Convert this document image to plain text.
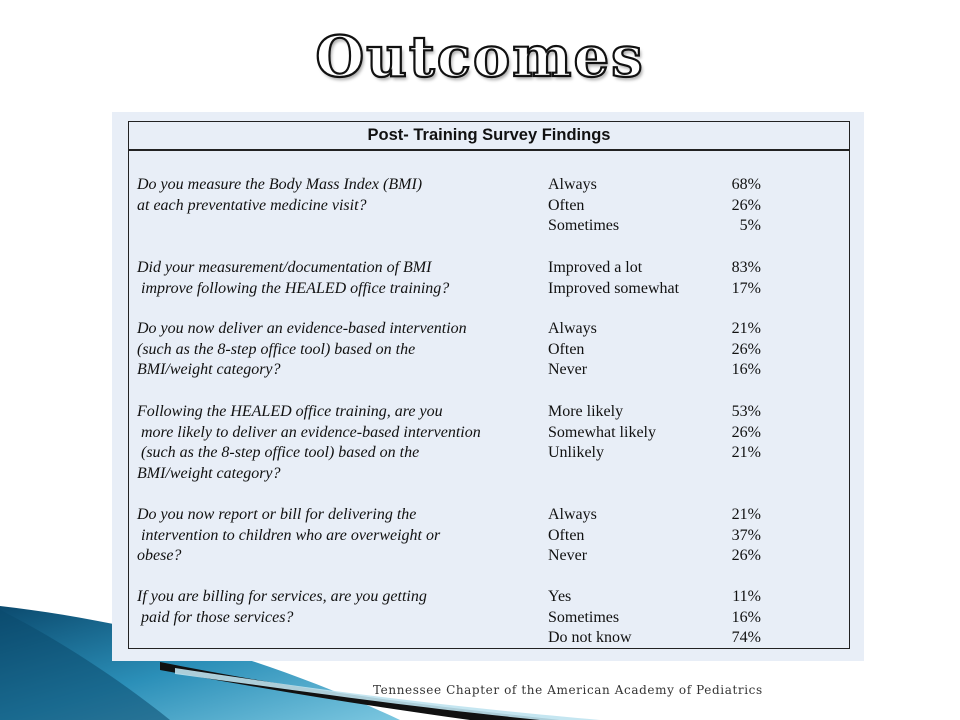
Outcomes
Post- Training Survey Findings
Do you measure the Body Mass Index (BMI)
at each preventative medicine visit?
Always
Often
Sometimes
68%
26%
5%
Did your measurement/documentation of BMI
improve following the HEALED office training?
Improved a lot
Improved somewhat
83%
17%
Do you now deliver an evidence-based intervention
(such as the 8-step office tool) based on the
BMI/weight category?
Always
Often
Never
21%
26%
16%
Following the HEALED office training, are you
more likely to deliver an evidence-based intervention
(such as the 8-step office tool) based on the
BMI/weight category?
More likely
Somewhat likely
Unlikely
53%
26%
21%
Do you now report or bill for delivering the
intervention to children who are overweight or
obese?
Always
Often
Never
21%
37%
26%
If you are billing for services, are you getting
paid for those services?
Yes
Sometimes
Do not know
11%
16%
74%
Tennessee Chapter of the American Academy of Pediatrics
